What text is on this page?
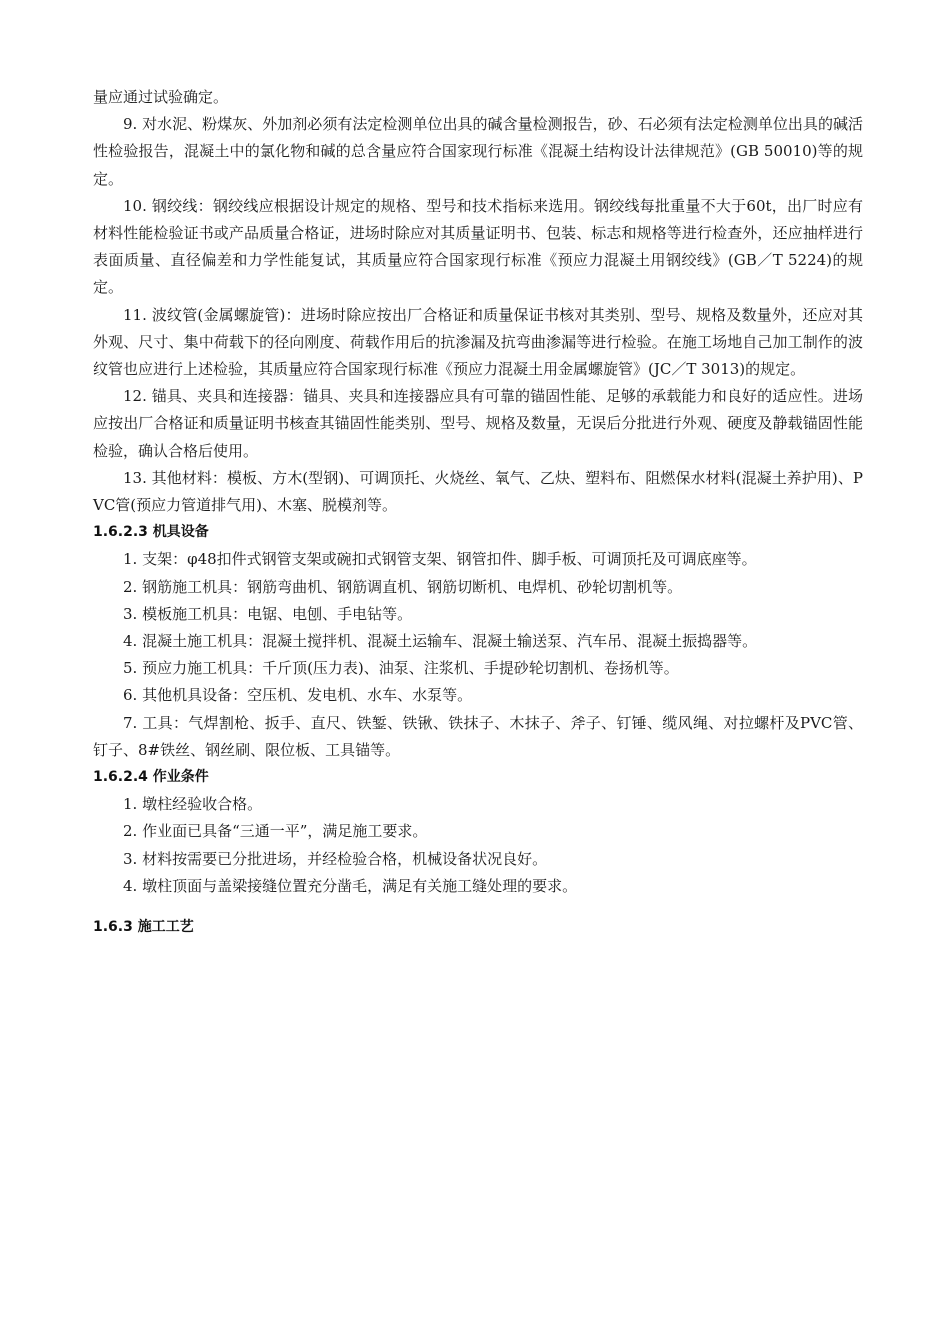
量应通过试验确定。

9. 对水泥、粉煤灰、外加剂必须有法定检测单位出具的碱含量检测报告，砂、石必须有法定检测单位出具的碱活性检验报告，混凝土中的氯化物和碱的总含量应符合国家现行标准《混凝土结构设计法律规范》(GB 50010)等的规定。

10. 钢绞线：钢绞线应根据设计规定的规格、型号和技术指标来选用。钢绞线每批重量不大于60t，出厂时应有材料性能检验证书或产品质量合格证，进场时除应对其质量证明书、包装、标志和规格等进行检查外，还应抽样进行表面质量、直径偏差和力学性能复试，其质量应符合国家现行标准《预应力混凝土用钢绞线》(GB／T 5224)的规定。

11. 波纹管(金属螺旋管)：进场时除应按出厂合格证和质量保证书核对其类别、型号、规格及数量外，还应对其外观、尺寸、集中荷载下的径向刚度、荷载作用后的抗渗漏及抗弯曲渗漏等进行检验。在施工场地自己加工制作的波纹管也应进行上述检验，其质量应符合国家现行标准《预应力混凝土用金属螺旋管》(JC／T 3013)的规定。

12. 锚具、夹具和连接器：锚具、夹具和连接器应具有可靠的锚固性能、足够的承载能力和良好的适应性。进场应按出厂合格证和质量证明书核查其锚固性能类别、型号、规格及数量，无误后分批进行外观、硬度及静载锚固性能检验，确认合格后使用。

13. 其他材料：模板、方木(型钢)、可调顶托、火烧丝、氧气、乙炔、塑料布、阻燃保水材料(混凝土养护用)、PVC管(预应力管道排气用)、木塞、脱模剂等。

1.6.2.3 机具设备

1. 支架：φ48扣件式钢管支架或碗扣式钢管支架、钢管扣件、脚手板、可调顶托及可调底座等。

2. 钢筋施工机具：钢筋弯曲机、钢筋调直机、钢筋切断机、电焊机、砂轮切割机等。

3. 模板施工机具：电锯、电刨、手电钻等。

4. 混凝土施工机具：混凝土搅拌机、混凝土运输车、混凝土输送泵、汽车吊、混凝土振捣器等。

5. 预应力施工机具：千斤顶(压力表)、油泵、注浆机、手提砂轮切割机、卷扬机等。

6. 其他机具设备：空压机、发电机、水车、水泵等。

7. 工具：气焊割枪、扳手、直尺、铁錾、铁锹、铁抹子、木抹子、斧子、钉锤、缆风绳、对拉螺杆及PVC管、钉子、8#铁丝、钢丝刷、限位板、工具锚等。

1.6.2.4 作业条件

1. 墩柱经验收合格。

2. 作业面已具备“三通一平”，满足施工要求。

3. 材料按需要已分批进场，并经检验合格，机械设备状况良好。

4. 墩柱顶面与盖梁接缝位置充分凿毛，满足有关施工缝处理的要求。

1.6.3 施工工艺
